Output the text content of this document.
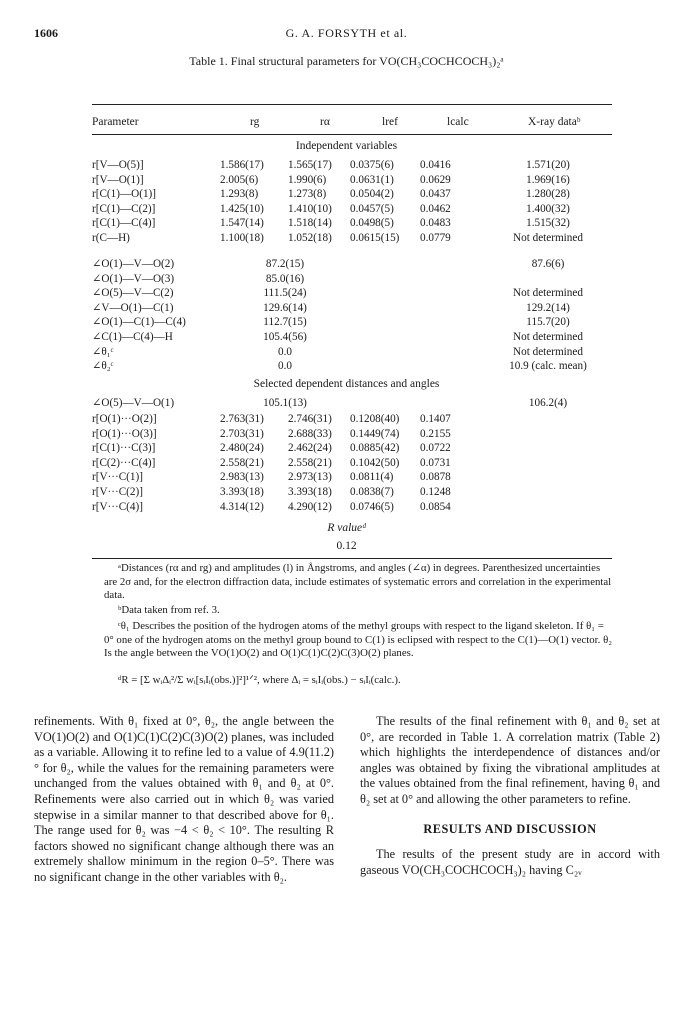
1606	G. A. FORSYTH et al.
Table 1. Final structural parameters for VO(CH₃COCHCOCH₃)₂ᵃ
Parameter	rg	rα	lref	lcalc	X-ray dataᵇ
Independent variables
r[V—O(5)]	1.586(17)	1.565(17)	0.0375(6)	0.0416	1.571(20)
r[V—O(1)]	2.005(6)	1.990(6)	0.0631(1)	0.0629	1.969(16)
r[C(1)—O(1)]	1.293(8)	1.273(8)	0.0504(2)	0.0437	1.280(28)
r[C(1)—C(2)]	1.425(10)	1.410(10)	0.0457(5)	0.0462	1.400(32)
r[C(1)—C(4)]	1.547(14)	1.518(14)	0.0498(5)	0.0483	1.515(32)
r(C—H)	1.100(18)	1.052(18)	0.0615(15)	0.0779	Not determined
∠O(1)—V—O(2)	87.2(15)			87.6(6)
∠O(1)—V—O(3)	85.0(16)			
∠O(5)—V—C(2)	111.5(24)			Not determined
∠V—O(1)—C(1)	129.6(14)			129.2(14)
∠O(1)—C(1)—C(4)	112.7(15)			115.7(20)
∠C(1)—C(4)—H	105.4(56)			Not determined
∠θ₁ᶜ	0.0			Not determined
∠θ₂ᶜ	0.0			10.9 (calc. mean)
Selected dependent distances and angles
∠O(5)—V—O(1)	105.1(13)			106.2(4)
r[O(1)···O(2)]	2.763(31)	2.746(31)	0.1208(40)	0.1407	
r[O(1)···O(3)]	2.703(31)	2.688(33)	0.1449(74)	0.2155	
r[C(1)···C(3)]	2.480(24)	2.462(24)	0.0885(42)	0.0722	
r[C(2)···C(4)]	2.558(21)	2.558(21)	0.1042(50)	0.0731	
r[V···C(1)]	2.983(13)	2.973(13)	0.0811(4)	0.0878	
r[V···C(2)]	3.393(18)	3.393(18)	0.0838(7)	0.1248	
r[V···C(4)]	4.314(12)	4.290(12)	0.0746(5)	0.0854	
R valueᵈ
0.12
ᵃDistances (rα and rg) and amplitudes (l) in Ångstroms, and angles (∠α) in degrees. Parenthesized uncertainties are 2σ and, for the electron diffraction data, include estimates of systematic errors and correlation in the experimental data.
ᵇData taken from ref. 3.
ᶜθ₁ Describes the position of the hydrogen atoms of the methyl groups with respect to the ligand skeleton. If θ₁ = 0° one of the hydrogen atoms on the methyl group bound to C(1) is eclipsed with respect to the C(1)—O(1) vector. θ₂ Is the angle between the VO(1)O(2) and O(1)C(1)C(2)C(3)O(2) planes.
ᵈR = [Σ wᵢΔᵢ²/Σ wᵢ[sᵢIᵢ(obs.)]²]¹ᐟ², where Δᵢ = sᵢIᵢ(obs.) − sᵢIᵢ(calc.).

refinements. With θ₁ fixed at 0°, θ₂, the angle between the VO(1)O(2) and O(1)C(1)C(2)C(3)O(2) planes, was included as a variable. Allowing it to refine led to a value of 4.9(11.2)° for θ₂, while the values for the remaining parameters were unchanged from the values obtained with θ₁ and θ₂ at 0°. Refinements were also carried out in which θ₂ was varied stepwise in a similar manner to that described above for θ₁. The range used for θ₂ was −4 < θ₂ < 10°. The resulting R factors showed no significant change although there was an extremely shallow minimum in the region 0–5°. There was no significant change in the other variables with θ₂.

The results of the final refinement with θ₁ and θ₂ set at 0°, are recorded in Table 1. A correlation matrix (Table 2) which highlights the interdependence of distances and/or angles was obtained by fixing the vibrational amplitudes at the values obtained from the final refinement, having θ₁ and θ₂ set at 0° and allowing the other parameters to refine.

RESULTS AND DISCUSSION

The results of the present study are in accord with gaseous VO(CH₃COCHCOCH₃)₂ having C₂ᵥ
